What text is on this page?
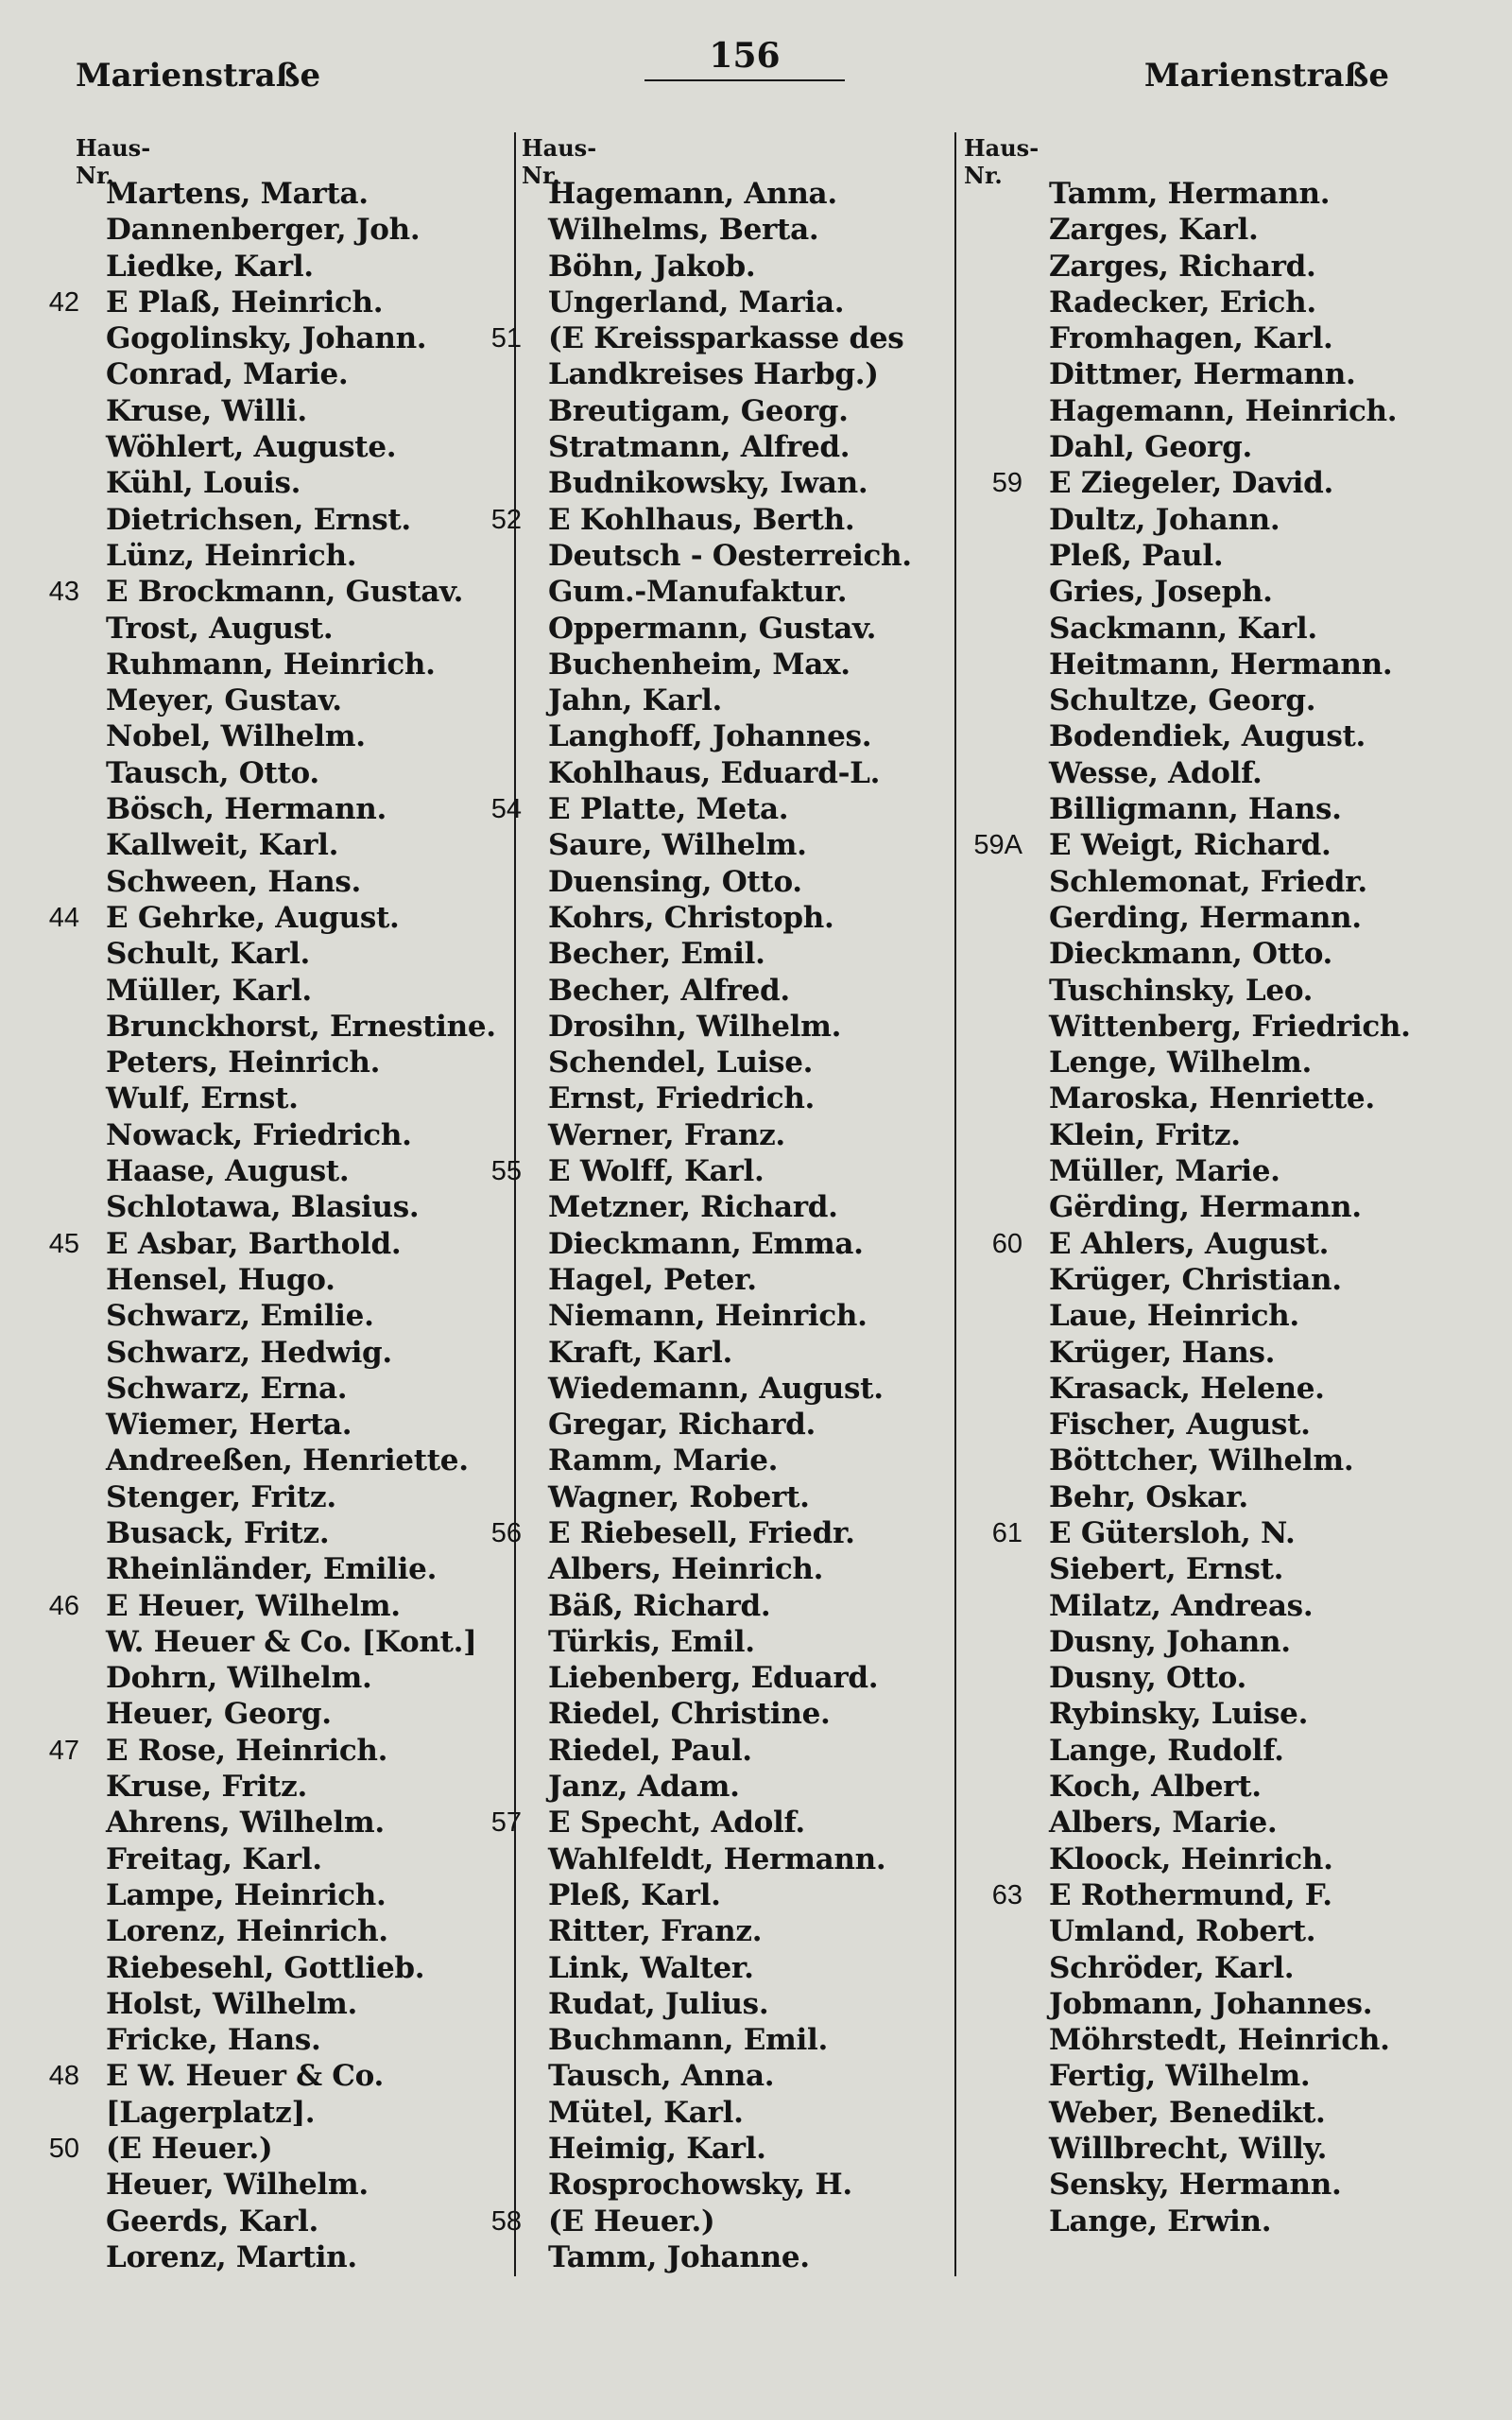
Marienstraße	156	Marienstraße
Haus-Nr.
Martens, Marta.
Dannenberger, Joh.
Liedke, Karl.
42 E Plaß, Heinrich.
Gogolinsky, Johann.
Conrad, Marie.
Kruse, Willi.
Wöhlert, Auguste.
Kühl, Louis.
Dietrichsen, Ernst.
Lünz, Heinrich.
43 E Brockmann, Gustav.
Trost, August.
Ruhmann, Heinrich.
Meyer, Gustav.
Nobel, Wilhelm.
Tausch, Otto.
Bösch, Hermann.
Kallweit, Karl.
Schween, Hans.
44 E Gehrke, August.
Schult, Karl.
Müller, Karl.
Brunckhorst, Ernestine.
Peters, Heinrich.
Wulf, Ernst.
Nowack, Friedrich.
Haase, August.
Schlotawa, Blasius.
45 E Asbar, Barthold.
Hensel, Hugo.
Schwarz, Emilie.
Schwarz, Hedwig.
Schwarz, Erna.
Wiemer, Herta.
Andreeßen, Henriette.
Stenger, Fritz.
Busack, Fritz.
Rheinländer, Emilie.
46 E Heuer, Wilhelm.
W. Heuer & Co. [Kont.]
Dohrn, Wilhelm.
Heuer, Georg.
47 E Rose, Heinrich.
Kruse, Fritz.
Ahrens, Wilhelm.
Freitag, Karl.
Lampe, Heinrich.
Lorenz, Heinrich.
Riebesehl, Gottlieb.
Holst, Wilhelm.
Fricke, Hans.
48 E W. Heuer & Co.
[Lagerplatz].
50 (E Heuer.)
Heuer, Wilhelm.
Geerds, Karl.
Lorenz, Martin.
Haus-Nr.
Hagemann, Anna.
Wilhelms, Berta.
Böhn, Jakob.
Ungerland, Maria.
51 (E Kreissparkasse des
Landkreises Harbg.)
Breutigam, Georg.
Stratmann, Alfred.
Budnikowsky, Iwan.
52 E Kohlhaus, Berth.
Deutsch - Oesterreich.
Gum.-Manufaktur.
Oppermann, Gustav.
Buchenheim, Max.
Jahn, Karl.
Langhoff, Johannes.
Kohlhaus, Eduard-L.
54 E Platte, Meta.
Saure, Wilhelm.
Duensing, Otto.
Kohrs, Christoph.
Becher, Emil.
Becher, Alfred.
Drosihn, Wilhelm.
Schendel, Luise.
Ernst, Friedrich.
Werner, Franz.
55 E Wolff, Karl.
Metzner, Richard.
Dieckmann, Emma.
Hagel, Peter.
Niemann, Heinrich.
Kraft, Karl.
Wiedemann, August.
Gregar, Richard.
Ramm, Marie.
Wagner, Robert.
56 E Riebesell, Friedr.
Albers, Heinrich.
Bäß, Richard.
Türkis, Emil.
Liebenberg, Eduard.
Riedel, Christine.
Riedel, Paul.
Janz, Adam.
57 E Specht, Adolf.
Wahlfeldt, Hermann.
Pleß, Karl.
Ritter, Franz.
Link, Walter.
Rudat, Julius.
Buchmann, Emil.
Tausch, Anna.
Mütel, Karl.
Heimig, Karl.
Rosprochowsky, H.
58 (E Heuer.)
Tamm, Johanne.
Haus-Nr.
Tamm, Hermann.
Zarges, Karl.
Zarges, Richard.
Radecker, Erich.
Fromhagen, Karl.
Dittmer, Hermann.
Hagemann, Heinrich.
Dahl, Georg.
59 E Ziegeler, David.
Dultz, Johann.
Pleß, Paul.
Gries, Joseph.
Sackmann, Karl.
Heitmann, Hermann.
Schultze, Georg.
Bodendiek, August.
Wesse, Adolf.
Billigmann, Hans.
59A E Weigt, Richard.
Schlemonat, Friedr.
Gerding, Hermann.
Dieckmann, Otto.
Tuschinsky, Leo.
Wittenberg, Friedrich.
Lenge, Wilhelm.
Maroska, Henriette.
Klein, Fritz.
Müller, Marie.
Gërding, Hermann.
60 E Ahlers, August.
Krüger, Christian.
Laue, Heinrich.
Krüger, Hans.
Krasack, Helene.
Fischer, August.
Böttcher, Wilhelm.
Behr, Oskar.
61 E Gütersloh, N.
Siebert, Ernst.
Milatz, Andreas.
Dusny, Johann.
Dusny, Otto.
Rybinsky, Luise.
Lange, Rudolf.
Koch, Albert.
Albers, Marie.
Kloock, Heinrich.
63 E Rothermund, F.
Umland, Robert.
Schröder, Karl.
Jobmann, Johannes.
Möhrstedt, Heinrich.
Fertig, Wilhelm.
Weber, Benedikt.
Willbrecht, Willy.
Sensky, Hermann.
Lange, Erwin.
